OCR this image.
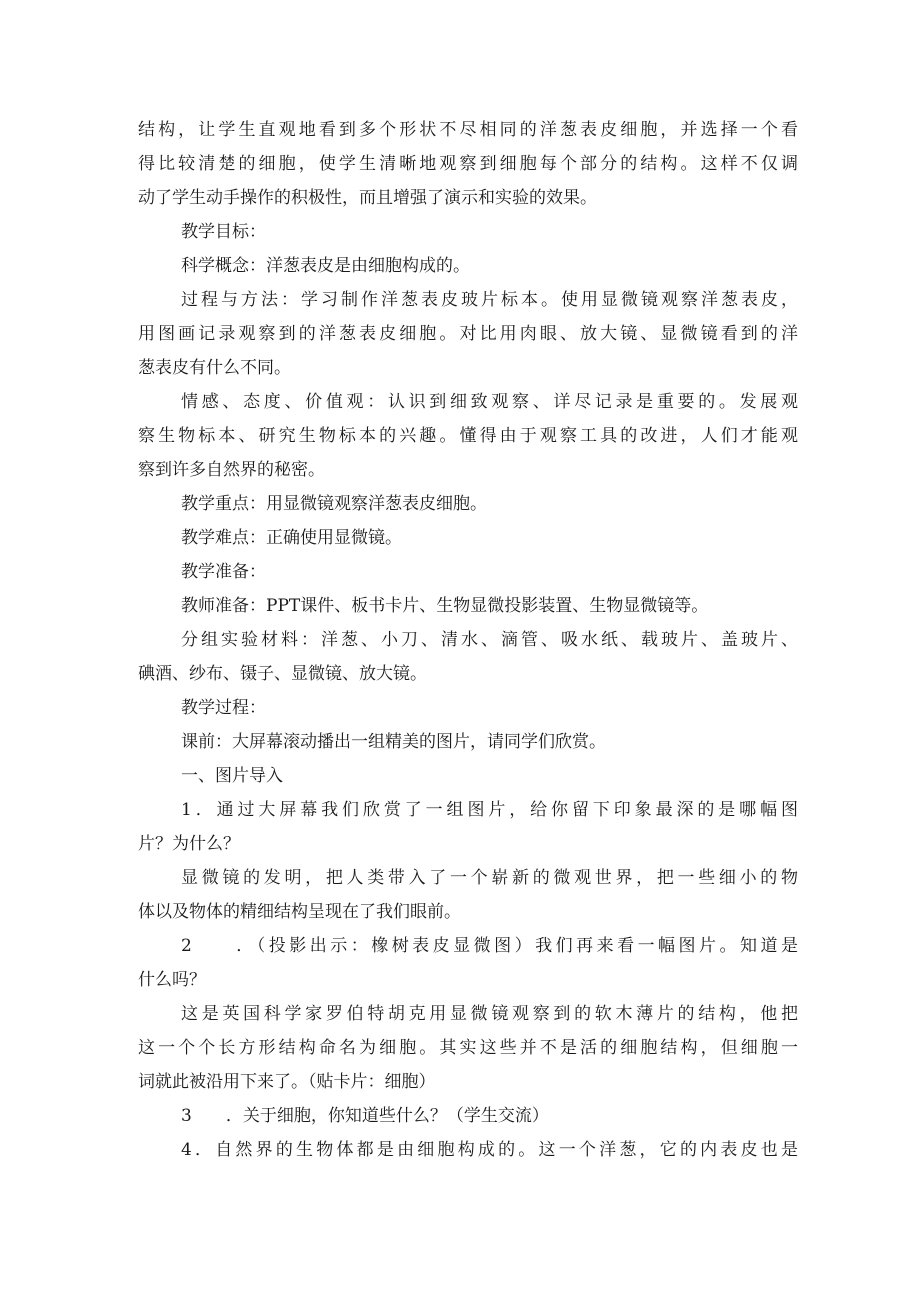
结构，让学生直观地看到多个形状不尽相同的洋葱表皮细胞，并选择一个看
得比较清楚的细胞，使学生清晰地观察到细胞每个部分的结构。这样不仅调
动了学生动手操作的积极性，而且增强了演示和实验的效果。
教学目标：
科学概念：洋葱表皮是由细胞构成的。
过程与方法：学习制作洋葱表皮玻片标本。使用显微镜观察洋葱表皮，
用图画记录观察到的洋葱表皮细胞。对比用肉眼、放大镜、显微镜看到的洋
葱表皮有什么不同。
情感、态度、价值观：认识到细致观察、详尽记录是重要的。发展观
察生物标本、研究生物标本的兴趣。懂得由于观察工具的改进，人们才能观
察到许多自然界的秘密。
教学重点：用显微镜观察洋葱表皮细胞。
教学难点：正确使用显微镜。
教学准备：
教师准备：PPT课件、板书卡片、生物显微投影装置、生物显微镜等。
分组实验材料：洋葱、小刀、清水、滴管、吸水纸、载玻片、盖玻片、
碘酒、纱布、镊子、显微镜、放大镜。
教学过程：
课前：大屏幕滚动播出一组精美的图片，请同学们欣赏。
一、图片导入
1．通过大屏幕我们欣赏了一组图片，给你留下印象最深的是哪幅图
片？为什么？
显微镜的发明，把人类带入了一个崭新的微观世界，把一些细小的物
体以及物体的精细结构呈现在了我们眼前。
2　　．（投影出示：橡树表皮显微图）我们再来看一幅图片。知道是
什么吗？
这是英国科学家罗伯特胡克用显微镜观察到的软木薄片的结构，他把
这一个个长方形结构命名为细胞。其实这些并不是活的细胞结构，但细胞一
词就此被沿用下来了。（贴卡片：细胞）
3　　．关于细胞，你知道些什么？（学生交流）
4．自然界的生物体都是由细胞构成的。这一个洋葱，它的内表皮也是
